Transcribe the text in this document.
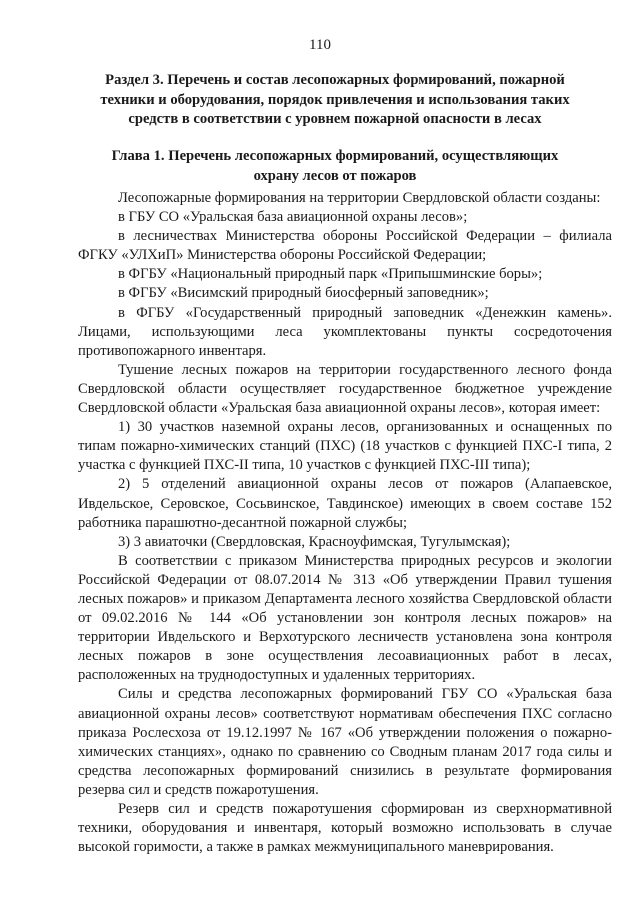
110
Раздел 3. Перечень и состав лесопожарных формирований, пожарной техники и оборудования, порядок привлечения и использования таких средств в соответствии с уровнем пожарной опасности в лесах
Глава 1. Перечень лесопожарных формирований, осуществляющих охрану лесов от пожаров

Лесопожарные формирования на территории Свердловской области созданы:

в ГБУ СО «Уральская база авиационной охраны лесов»;

в лесничествах Министерства обороны Российской Федерации – филиала ФГКУ «УЛХиП» Министерства обороны Российской Федерации;

в ФГБУ «Национальный природный парк «Припышминские боры»;

в ФГБУ «Висимский природный биосферный заповедник»;

в ФГБУ «Государственный природный заповедник «Денежкин камень». Лицами, использующими леса укомплектованы пункты сосредоточения противопожарного инвентаря.

Тушение лесных пожаров на территории государственного лесного фонда Свердловской области осуществляет государственное бюджетное учреждение Свердловской области «Уральская база авиационной охраны лесов», которая имеет:

1) 30 участков наземной охраны лесов, организованных и оснащенных по типам пожарно-химических станций (ПХС) (18 участков с функцией ПХС-I типа, 2 участка с функцией ПХС-II типа, 10 участков с функцией ПХС-III типа);

2) 5 отделений авиационной охраны лесов от пожаров (Алапаевское, Ивдельское, Серовское, Сосьвинское, Тавдинское) имеющих в своем составе 152 работника парашютно-десантной пожарной службы;

3) 3 авиаточки (Свердловская, Красноуфимская, Тугулымская);

В соответствии с приказом Министерства природных ресурсов и экологии Российской Федерации от 08.07.2014 № 313 «Об утверждении Правил тушения лесных пожаров» и приказом Департамента лесного хозяйства Свердловской области от 09.02.2016 № 144 «Об установлении зон контроля лесных пожаров» на территории Ивдельского и Верхотурского лесничеств установлена зона контроля лесных пожаров в зоне осуществления лесоавиационных работ в лесах, расположенных на труднодоступных и удаленных территориях.

Силы и средства лесопожарных формирований ГБУ СО «Уральская база авиационной охраны лесов» соответствуют нормативам обеспечения ПХС согласно приказа Рослесхоза от 19.12.1997 № 167 «Об утверждении положения о пожарно-химических станциях», однако по сравнению со Сводным планам 2017 года силы и средства лесопожарных формирований снизились в результате формирования резерва сил и средств пожаротушения.

Резерв сил и средств пожаротушения сформирован из сверхнормативной техники, оборудования и инвентаря, который возможно использовать в случае высокой горимости, а также в рамках межмуниципального маневрирования.
